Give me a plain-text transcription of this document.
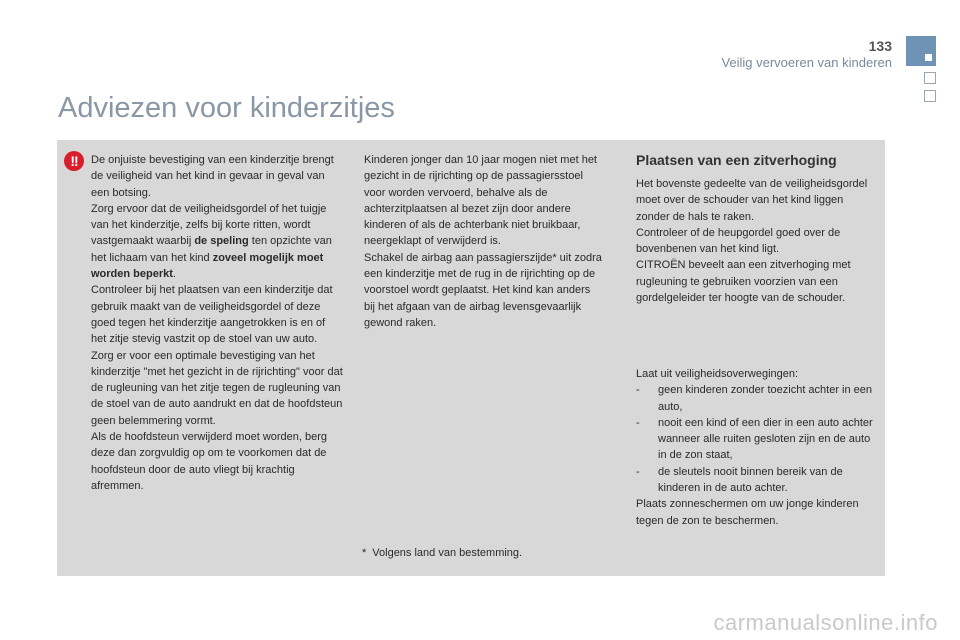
133
Veilig vervoeren van kinderen
Adviezen voor kinderzitjes
!!	De onjuiste bevestiging van een kinderzitje brengt de veiligheid van het kind in gevaar in geval van een botsing.

Zorg ervoor dat de veiligheidsgordel of het tuigje van het kinderzitje, zelfs bij korte ritten, wordt vastgemaakt waarbij de speling ten opzichte van het lichaam van het kind zoveel mogelijk moet worden beperkt.

Controleer bij het plaatsen van een kinderzitje dat gebruik maakt van de veiligheidsgordel of deze goed tegen het kinderzitje aangetrokken is en of het zitje stevig vastzit op de stoel van uw auto.

Zorg er voor een optimale bevestiging van het kinderzitje "met het gezicht in de rijrichting" voor dat de rugleuning van het zitje tegen de rugleuning van de stoel van de auto aandrukt en dat de hoofdsteun geen belemmering vormt.

Als de hoofdsteun verwijderd moet worden, berg deze dan zorgvuldig op om te voorkomen dat de hoofdsteun door de auto vliegt bij krachtig afremmen.

Kinderen jonger dan 10 jaar mogen niet met het gezicht in de rijrichting op de passagiersstoel voor worden vervoerd, behalve als de achterzitplaatsen al bezet zijn door andere kinderen of als de achterbank niet bruikbaar, neergeklapt of verwijderd is.

Schakel de airbag aan passagierszijde* uit zodra een kinderzitje met de rug in de rijrichting op de voorstoel wordt geplaatst. Het kind kan anders bij het afgaan van de airbag levensgevaarlijk gewond raken.

Plaatsen van een zitverhoging

Het bovenste gedeelte van de veiligheidsgordel moet over de schouder van het kind liggen zonder de hals te raken.

Controleer of de heupgordel goed over de bovenbenen van het kind ligt.

CITROËN beveelt aan een zitverhoging met rugleuning te gebruiken voorzien van een gordelgeleider ter hoogte van de schouder.

Laat uit veiligheidsoverwegingen:

-	geen kinderen zonder toezicht achter in een auto,
-	nooit een kind of een dier in een auto achter wanneer alle ruiten gesloten zijn en de auto in de zon staat,
-	de sleutels nooit binnen bereik van de kinderen in de auto achter.

Plaats zonneschermen om uw jonge kinderen tegen de zon te beschermen.

* Volgens land van bestemming.
carmanualsonline.info
